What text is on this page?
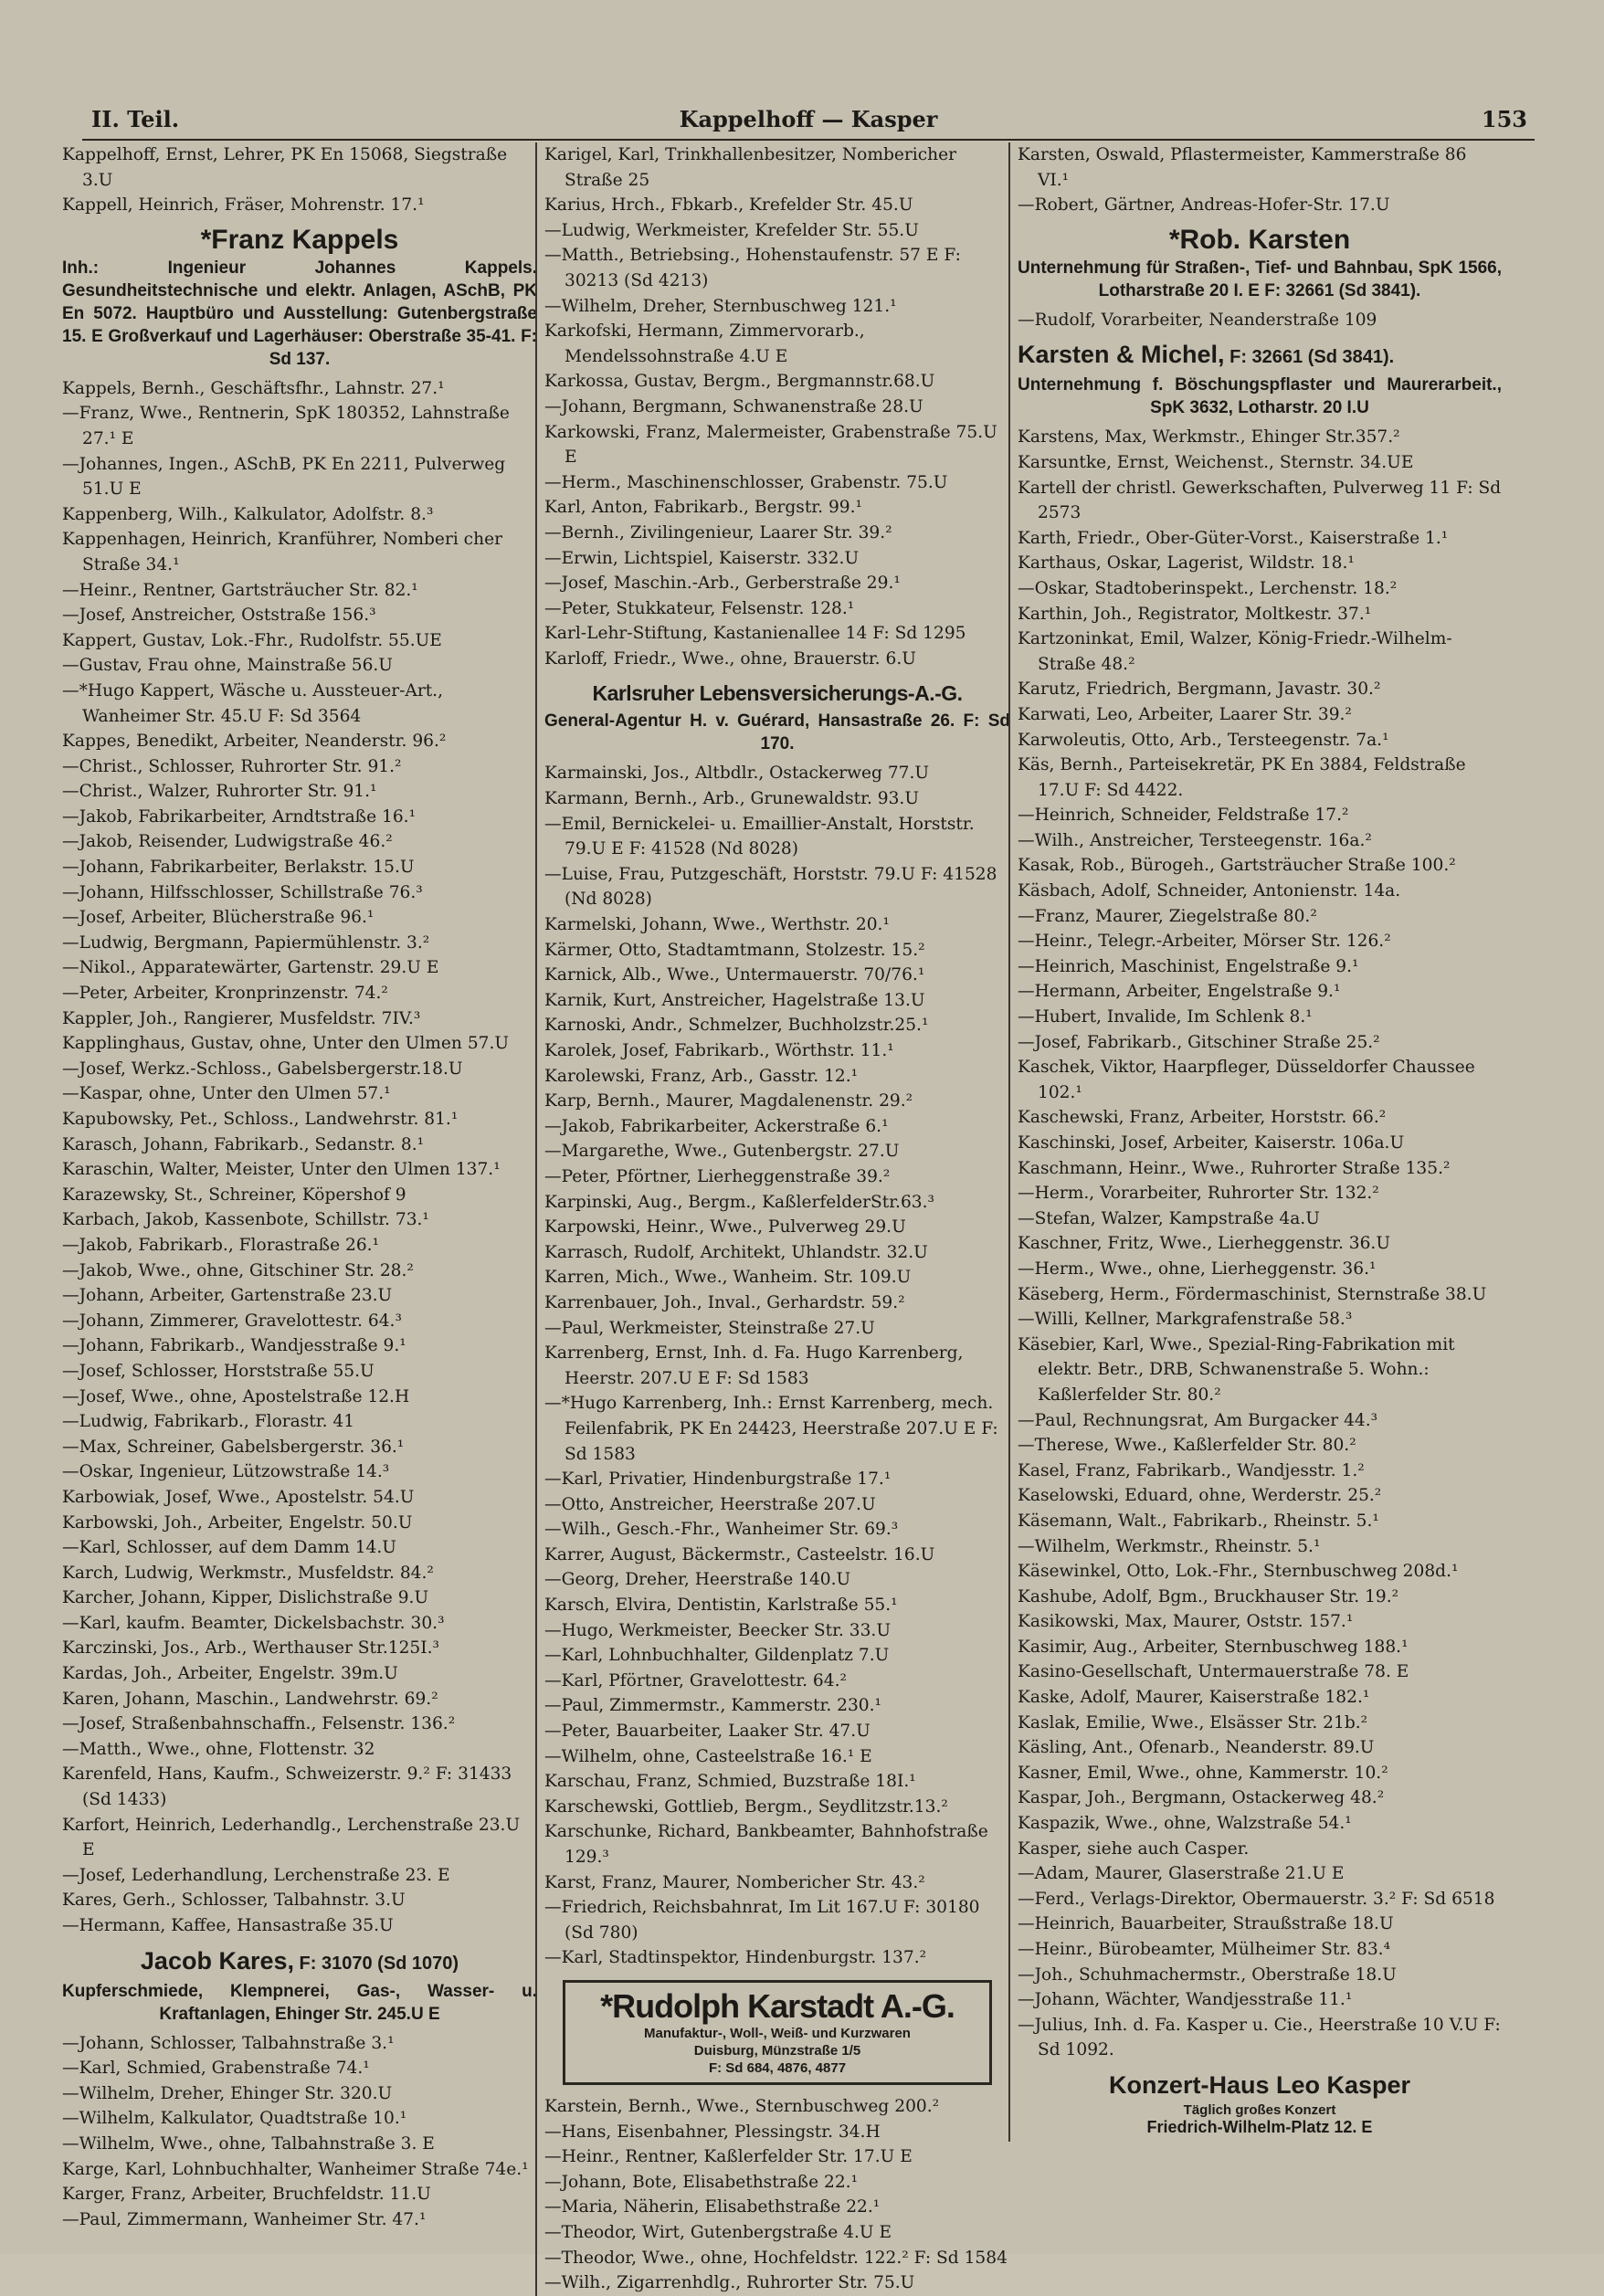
II. Teil.	Kappelhoff — Kasper	153

Kappelhoff, Ernst, Lehrer, PK En 15068, Siegstraße 3.U

Kappell, Heinrich, Fräser, Mohrenstr. 17.¹

*Franz Kappels
Inh.: Ingenieur Johannes Kappels. Gesundheitstechnische und elektr. Anlagen, ASchB, PK En 5072. Hauptbüro und Ausstellung: Gutenbergstraße 15. E Großverkauf und Lagerhäuser: Oberstraße 35-41. F: Sd 137.

Kappels, Bernh., Geschäftsfhr., Lahnstr. 27.¹

—Franz, Wwe., Rentnerin, SpK 180352, Lahnstraße 27.¹ E

—Johannes, Ingen., ASchB, PK En 2211, Pulverweg 51.U E

Kappenberg, Wilh., Kalkulator, Adolfstr. 8.³

Kappenhagen, Heinrich, Kranführer, Nomberi cher Straße 34.¹

—Heinr., Rentner, Gartsträucher Str. 82.¹

—Josef, Anstreicher, Oststraße 156.³

Kappert, Gustav, Lok.-Fhr., Rudolfstr. 55.UE

—Gustav, Frau ohne, Mainstraße 56.U

—*Hugo Kappert, Wäsche u. Aussteuer-Art., Wanheimer Str. 45.U F: Sd 3564

Kappes, Benedikt, Arbeiter, Neanderstr. 96.²

—Christ., Schlosser, Ruhrorter Str. 91.²

—Christ., Walzer, Ruhrorter Str. 91.¹

—Jakob, Fabrikarbeiter, Arndtstraße 16.¹

—Jakob, Reisender, Ludwigstraße 46.²

—Johann, Fabrikarbeiter, Berlakstr. 15.U

—Johann, Hilfsschlosser, Schillstraße 76.³

—Josef, Arbeiter, Blücherstraße 96.¹

—Ludwig, Bergmann, Papiermühlenstr. 3.²

—Nikol., Apparatewärter, Gartenstr. 29.U E

—Peter, Arbeiter, Kronprinzenstr. 74.²

Kappler, Joh., Rangierer, Musfeldstr. 7IV.³

Kapplinghaus, Gustav, ohne, Unter den Ulmen 57.U

—Josef, Werkz.-Schloss., Gabelsbergerstr.18.U

—Kaspar, ohne, Unter den Ulmen 57.¹

Kapubowsky, Pet., Schloss., Landwehrstr. 81.¹

Karasch, Johann, Fabrikarb., Sedanstr. 8.¹

Karaschin, Walter, Meister, Unter den Ulmen 137.¹

Karazewsky, St., Schreiner, Köpershof 9

Karbach, Jakob, Kassenbote, Schillstr. 73.¹

—Jakob, Fabrikarb., Florastraße 26.¹

—Jakob, Wwe., ohne, Gitschiner Str. 28.²

—Johann, Arbeiter, Gartenstraße 23.U

—Johann, Zimmerer, Gravelottestr. 64.³

—Johann, Fabrikarb., Wandjesstraße 9.¹

—Josef, Schlosser, Horststraße 55.U

—Josef, Wwe., ohne, Apostelstraße 12.H

—Ludwig, Fabrikarb., Florastr. 41

—Max, Schreiner, Gabelsbergerstr. 36.¹

—Oskar, Ingenieur, Lützowstraße 14.³

Karbowiak, Josef, Wwe., Apostelstr. 54.U

Karbowski, Joh., Arbeiter, Engelstr. 50.U

—Karl, Schlosser, auf dem Damm 14.U

Karch, Ludwig, Werkmstr., Musfeldstr. 84.²

Karcher, Johann, Kipper, Dislichstraße 9.U

—Karl, kaufm. Beamter, Dickelsbachstr. 30.³

Karczinski, Jos., Arb., Werthauser Str.125I.³

Kardas, Joh., Arbeiter, Engelstr. 39m.U

Karen, Johann, Maschin., Landwehrstr. 69.²

—Josef, Straßenbahnschaffn., Felsenstr. 136.²

—Matth., Wwe., ohne, Flottenstr. 32

Karenfeld, Hans, Kaufm., Schweizerstr. 9.² F: 31433 (Sd 1433)

Karfort, Heinrich, Lederhandlg., Lerchenstraße 23.U E

—Josef, Lederhandlung, Lerchenstraße 23. E

Kares, Gerh., Schlosser, Talbahnstr. 3.U

—Hermann, Kaffee, Hansastraße 35.U

Jacob Kares, F: 31070 (Sd 1070)
Kupferschmiede, Klempnerei, Gas-, Wasser- u. Kraftanlagen, Ehinger Str. 245.U E

—Johann, Schlosser, Talbahnstraße 3.¹

—Karl, Schmied, Grabenstraße 74.¹

—Wilhelm, Dreher, Ehinger Str. 320.U

—Wilhelm, Kalkulator, Quadtstraße 10.¹

—Wilhelm, Wwe., ohne, Talbahnstraße 3. E

Karge, Karl, Lohnbuchhalter, Wanheimer Straße 74e.¹

Karger, Franz, Arbeiter, Bruchfeldstr. 11.U

—Paul, Zimmermann, Wanheimer Str. 47.¹

Karigel, Karl, Trinkhallenbesitzer, Nombericher Straße 25

Karius, Hrch., Fbkarb., Krefelder Str. 45.U

—Ludwig, Werkmeister, Krefelder Str. 55.U

—Matth., Betriebsing., Hohenstaufenstr. 57 E F: 30213 (Sd 4213)

—Wilhelm, Dreher, Sternbuschweg 121.¹

Karkofski, Hermann, Zimmervorarb., Mendelssohnstraße 4.U E

Karkossa, Gustav, Bergm., Bergmannstr.68.U

—Johann, Bergmann, Schwanenstraße 28.U

Karkowski, Franz, Malermeister, Grabenstraße 75.U E

—Herm., Maschinenschlosser, Grabenstr. 75.U

Karl, Anton, Fabrikarb., Bergstr. 99.¹

—Bernh., Zivilingenieur, Laarer Str. 39.²

—Erwin, Lichtspiel, Kaiserstr. 332.U

—Josef, Maschin.-Arb., Gerberstraße 29.¹

—Peter, Stukkateur, Felsenstr. 128.¹

Karl-Lehr-Stiftung, Kastanienallee 14 F: Sd 1295

Karloff, Friedr., Wwe., ohne, Brauerstr. 6.U

Karlsruher Lebensversicherungs-A.-G.
General-Agentur H. v. Guérard, Hansastraße 26. F: Sd 170.

Karmainski, Jos., Altbdlr., Ostackerweg 77.U

Karmann, Bernh., Arb., Grunewaldstr. 93.U

—Emil, Bernickelei- u. Emaillier-Anstalt, Horststr. 79.U E F: 41528 (Nd 8028)

—Luise, Frau, Putzgeschäft, Horststr. 79.U F: 41528 (Nd 8028)

Karmelski, Johann, Wwe., Werthstr. 20.¹

Kärmer, Otto, Stadtamtmann, Stolzestr. 15.²

Karnick, Alb., Wwe., Untermauerstr. 70/76.¹

Karnik, Kurt, Anstreicher, Hagelstraße 13.U

Karnoski, Andr., Schmelzer, Buchholzstr.25.¹

Karolek, Josef, Fabrikarb., Wörthstr. 11.¹

Karolewski, Franz, Arb., Gasstr. 12.¹

Karp, Bernh., Maurer, Magdalenenstr. 29.²

—Jakob, Fabrikarbeiter, Ackerstraße 6.¹

—Margarethe, Wwe., Gutenbergstr. 27.U

—Peter, Pförtner, Lierheggenstraße 39.²

Karpinski, Aug., Bergm., KaßlerfelderStr.63.³

Karpowski, Heinr., Wwe., Pulverweg 29.U

Karrasch, Rudolf, Architekt, Uhlandstr. 32.U

Karren, Mich., Wwe., Wanheim. Str. 109.U

Karrenbauer, Joh., Inval., Gerhardstr. 59.²

—Paul, Werkmeister, Steinstraße 27.U

Karrenberg, Ernst, Inh. d. Fa. Hugo Karrenberg, Heerstr. 207.U E F: Sd 1583

—*Hugo Karrenberg, Inh.: Ernst Karrenberg, mech. Feilenfabrik, PK En 24423, Heerstraße 207.U E F: Sd 1583

—Karl, Privatier, Hindenburgstraße 17.¹

—Otto, Anstreicher, Heerstraße 207.U

—Wilh., Gesch.-Fhr., Wanheimer Str. 69.³

Karrer, August, Bäckermstr., Casteelstr. 16.U

—Georg, Dreher, Heerstraße 140.U

Karsch, Elvira, Dentistin, Karlstraße 55.¹

—Hugo, Werkmeister, Beecker Str. 33.U

—Karl, Lohnbuchhalter, Gildenplatz 7.U

—Karl, Pförtner, Gravelottestr. 64.²

—Paul, Zimmermstr., Kammerstr. 230.¹

—Peter, Bauarbeiter, Laaker Str. 47.U

—Wilhelm, ohne, Casteelstraße 16.¹ E

Karschau, Franz, Schmied, Buzstraße 18I.¹

Karschewski, Gottlieb, Bergm., Seydlitzstr.13.²

Karschunke, Richard, Bankbeamter, Bahnhofstraße 129.³

Karst, Franz, Maurer, Nombericher Str. 43.²

—Friedrich, Reichsbahnrat, Im Lit 167.U F: 30180 (Sd 780)

—Karl, Stadtinspektor, Hindenburgstr. 137.²

*Rudolph Karstadt A.-G.
Manufaktur-, Woll-, Weiß- und Kurzwaren
Duisburg, Münzstraße 1/5
F: Sd 684, 4876, 4877

Karstein, Bernh., Wwe., Sternbuschweg 200.²

—Hans, Eisenbahner, Plessingstr. 34.H

—Heinr., Rentner, Kaßlerfelder Str. 17.U E

—Johann, Bote, Elisabethstraße 22.¹

—Maria, Näherin, Elisabethstraße 22.¹

—Theodor, Wirt, Gutenbergstraße 4.U E

—Theodor, Wwe., ohne, Hochfeldstr. 122.² F: Sd 1584

—Wilh., Zigarrenhdlg., Ruhrorter Str. 75.U

Karsten, Oswald, Pflastermeister, Kammerstraße 86 VI.¹

—Robert, Gärtner, Andreas-Hofer-Str. 17.U

*Rob. Karsten
Unternehmung für Straßen-, Tief- und Bahnbau, SpK 1566, Lotharstraße 20 I. E F: 32661 (Sd 3841).

—Rudolf, Vorarbeiter, Neanderstraße 109

Karsten & Michel, F: 32661 (Sd 3841).
Unternehmung f. Böschungspflaster und Maurerarbeit., SpK 3632, Lotharstr. 20 I.U

Karstens, Max, Werkmstr., Ehinger Str.357.²

Karsuntke, Ernst, Weichenst., Sternstr. 34.UE

Kartell der christl. Gewerkschaften, Pulverweg 11 F: Sd 2573

Karth, Friedr., Ober-Güter-Vorst., Kaiserstraße 1.¹

Karthaus, Oskar, Lagerist, Wildstr. 18.¹

—Oskar, Stadtoberinspekt., Lerchenstr. 18.²

Karthin, Joh., Registrator, Moltkestr. 37.¹

Kartzoninkat, Emil, Walzer, König-Friedr.-Wilhelm-Straße 48.²

Karutz, Friedrich, Bergmann, Javastr. 30.²

Karwati, Leo, Arbeiter, Laarer Str. 39.²

Karwoleutis, Otto, Arb., Tersteegenstr. 7a.¹

Käs, Bernh., Parteisekretär, PK En 3884, Feldstraße 17.U F: Sd 4422.

—Heinrich, Schneider, Feldstraße 17.²

—Wilh., Anstreicher, Tersteegenstr. 16a.²

Kasak, Rob., Bürogeh., Gartsträucher Straße 100.²

Käsbach, Adolf, Schneider, Antonienstr. 14a.

—Franz, Maurer, Ziegelstraße 80.²

—Heinr., Telegr.-Arbeiter, Mörser Str. 126.²

—Heinrich, Maschinist, Engelstraße 9.¹

—Hermann, Arbeiter, Engelstraße 9.¹

—Hubert, Invalide, Im Schlenk 8.¹

—Josef, Fabrikarb., Gitschiner Straße 25.²

Kaschek, Viktor, Haarpfleger, Düsseldorfer Chaussee 102.¹

Kaschewski, Franz, Arbeiter, Horststr. 66.²

Kaschinski, Josef, Arbeiter, Kaiserstr. 106a.U

Kaschmann, Heinr., Wwe., Ruhrorter Straße 135.²

—Herm., Vorarbeiter, Ruhrorter Str. 132.²

—Stefan, Walzer, Kampstraße 4a.U

Kaschner, Fritz, Wwe., Lierheggenstr. 36.U

—Herm., Wwe., ohne, Lierheggenstr. 36.¹

Käseberg, Herm., Fördermaschinist, Sternstraße 38.U

—Willi, Kellner, Markgrafenstraße 58.³

Käsebier, Karl, Wwe., Spezial-Ring-Fabrikation mit elektr. Betr., DRB, Schwanenstraße 5. Wohn.: Kaßlerfelder Str. 80.²

—Paul, Rechnungsrat, Am Burgacker 44.³

—Therese, Wwe., Kaßlerfelder Str. 80.²

Kasel, Franz, Fabrikarb., Wandjesstr. 1.²

Kaselowski, Eduard, ohne, Werderstr. 25.²

Käsemann, Walt., Fabrikarb., Rheinstr. 5.¹

—Wilhelm, Werkmstr., Rheinstr. 5.¹

Käsewinkel, Otto, Lok.-Fhr., Sternbuschweg 208d.¹

Kashube, Adolf, Bgm., Bruckhauser Str. 19.²

Kasikowski, Max, Maurer, Oststr. 157.¹

Kasimir, Aug., Arbeiter, Sternbuschweg 188.¹

Kasino-Gesellschaft, Untermauerstraße 78. E

Kaske, Adolf, Maurer, Kaiserstraße 182.¹

Kaslak, Emilie, Wwe., Elsässer Str. 21b.²

Käsling, Ant., Ofenarb., Neanderstr. 89.U

Kasner, Emil, Wwe., ohne, Kammerstr. 10.²

Kaspar, Joh., Bergmann, Ostackerweg 48.²

Kaspazik, Wwe., ohne, Walzstraße 54.¹

Kasper, siehe auch Casper.

—Adam, Maurer, Glaserstraße 21.U E

—Ferd., Verlags-Direktor, Obermauerstr. 3.² F: Sd 6518

—Heinrich, Bauarbeiter, Straußstraße 18.U

—Heinr., Bürobeamter, Mülheimer Str. 83.⁴

—Joh., Schuhmachermstr., Oberstraße 18.U

—Johann, Wächter, Wandjesstraße 11.¹

—Julius, Inh. d. Fa. Kasper u. Cie., Heerstraße 10 V.U F: Sd 1092.

Konzert-Haus Leo Kasper
Täglich großes Konzert
Friedrich-Wilhelm-Platz 12. E
